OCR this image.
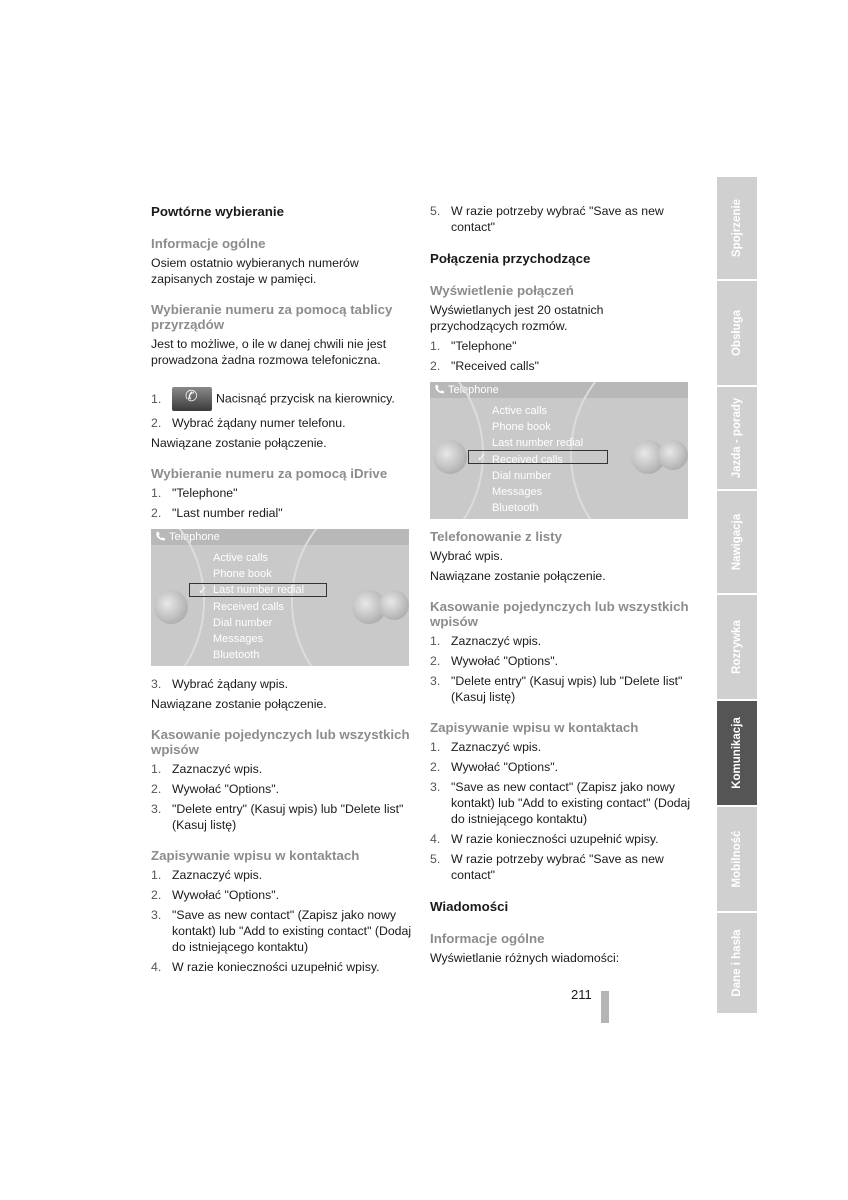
Powtórne wybieranie
Informacje ogólne

Osiem ostatnio wybieranych numerów zapisanych zostaje w pamięci.

Wybieranie numeru za pomocą tablicy przyrządów

Jest to możliwe, o ile w danej chwili nie jest prowadzona żadna rozmowa telefoniczna.

1. ✆ Nacisnąć przycisk na kierownicy.
2. Wybrać żądany numer telefonu.

Nawiązane zostanie połączenie.

Wybieranie numeru za pomocą iDrive
1. "Telephone"
2. "Last number redial"
Telephone
✓
Active calls
Phone book
Last number redial
Received calls
Dial number
Messages
Bluetooth
3. Wybrać żądany wpis.

Nawiązane zostanie połączenie.

Kasowanie pojedynczych lub wszystkich wpisów
1. Zaznaczyć wpis.
2. Wywołać "Options".
3. "Delete entry" (Kasuj wpis) lub "Delete list" (Kasuj listę)
Zapisywanie wpisu w kontaktach
1. Zaznaczyć wpis.
2. Wywołać "Options".
3. "Save as new contact" (Zapisz jako nowy kontakt) lub "Add to existing contact" (Dodaj do istniejącego kontaktu)
4. W razie konieczności uzupełnić wpisy.
5. W razie potrzeby wybrać "Save as new contact"
Połączenia przychodzące
Wyświetlenie połączeń

Wyświetlanych jest 20 ostatnich przychodzących rozmów.

1. "Telephone"
2. "Received calls"
Telephone
✓
Active calls
Phone book
Last number redial
Received calls
Dial number
Messages
Bluetooth
Telefonowanie z listy

Wybrać wpis.

Nawiązane zostanie połączenie.

Kasowanie pojedynczych lub wszystkich wpisów
1. Zaznaczyć wpis.
2. Wywołać "Options".
3. "Delete entry" (Kasuj wpis) lub "Delete list" (Kasuj listę)
Zapisywanie wpisu w kontaktach
1. Zaznaczyć wpis.
2. Wywołać "Options".
3. "Save as new contact" (Zapisz jako nowy kontakt) lub "Add to existing contact" (Dodaj do istniejącego kontaktu)
4. W razie konieczności uzupełnić wpisy.
5. W razie potrzeby wybrać "Save as new contact"
Wiadomości
Informacje ogólne

Wyświetlanie różnych wiadomości:

Spojrzenie
Obsługa
Jazda - porady
Nawigacja
Rozrywka
Komunikacja
Mobilność
Dane i hasła
211
